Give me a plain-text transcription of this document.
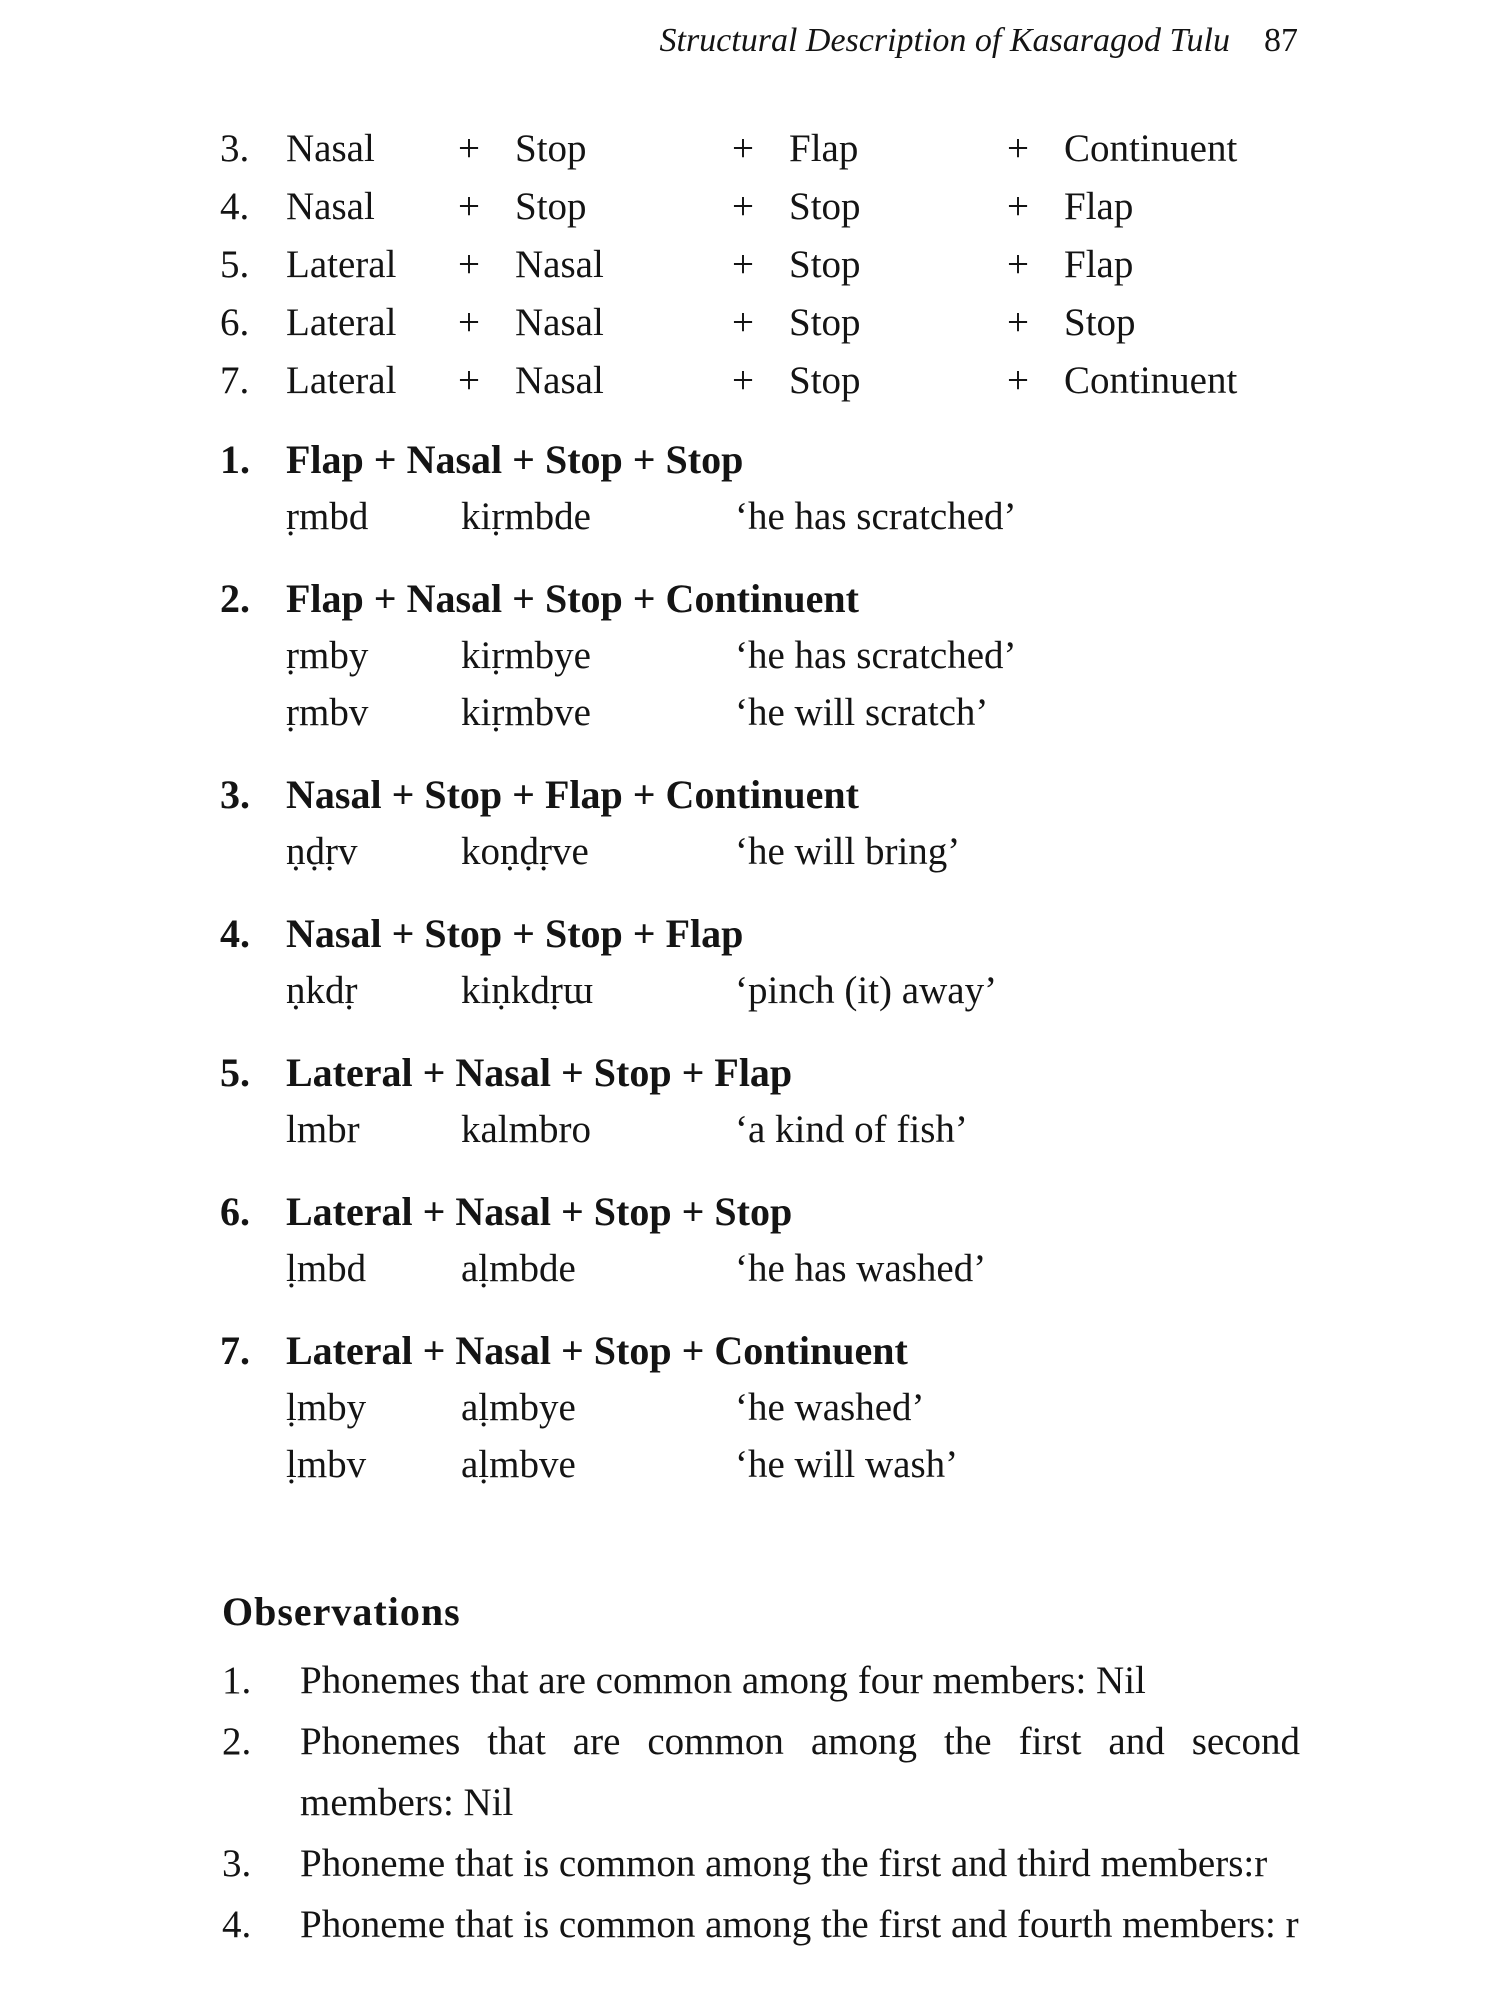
Structural Description of Kasaragod Tulu 87
3. Nasal + Stop	+ Flap	+ Continuent
4. Nasal + Stop	+ Stop	+ Flap
5. Lateral + Nasal	+ Stop	+ Flap
6. Lateral + Nasal	+ Stop	+ Stop
7. Lateral + Nasal	+ Stop	+ Continuent
1. Flap + Nasal + Stop + Stop
ṛmbd kiṛmbde	‘he has scratched’
2. Flap + Nasal + Stop + Continuent
ṛmby kiṛmbye	‘he has scratched’
ṛmbv kiṛmbve	‘he will scratch’
3. Nasal + Stop + Flap + Continuent
ṇḍṛv	koṇḍṛve	‘he will bring’
4. Nasal + Stop + Stop + Flap
ṇkdṛ	kiṇkdṛɯ	‘pinch (it) away’
5. Lateral + Nasal + Stop + Flap
lmbr	kalmbro	‘a kind of fish’
6. Lateral + Nasal + Stop + Stop
ḷmbd aḷmbde	‘he has washed’
7. Lateral + Nasal + Stop + Continuent
ḷmby aḷmbye	‘he washed’
ḷmbv aḷmbve	‘he will wash’
Observations
1. Phonemes that are common among four members: Nil
2. Phonemes that are common among the first and second members: Nil
3. Phoneme that is common among the first and third members:r
4. Phoneme that is common among the first and fourth members: r
